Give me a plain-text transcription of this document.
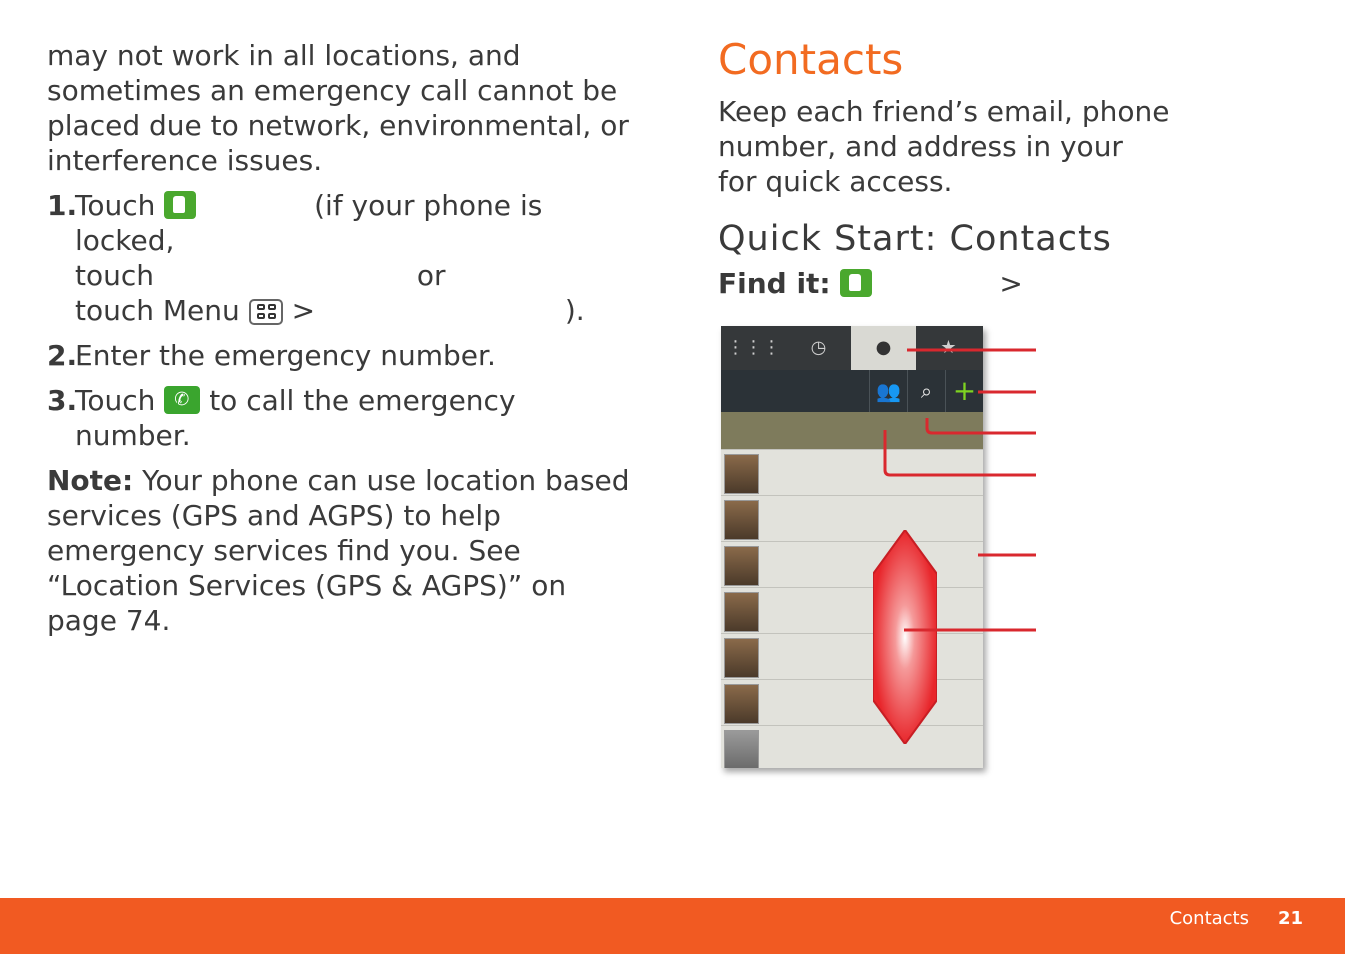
may not work in all locations, and sometimes an emergency call cannot be placed due to network, environmental, or interference issues.

1.
Touch	(if your phone is locked,
touch	or
touch Menu >	).
2.
Enter the emergency number.
3.
Touch ✆ to call the emergency number.

Note: Your phone can use location based services (GPS and AGPS) to help emergency services find you. See “Location Services (GPS & AGPS)” on page 74.

Contacts

Keep each friend’s email, phone number, and address in your  for quick access.

Quick Start: Contacts
Find it:	>
⋮⋮⋮	◷	●	★
👥 ⌕ +
Contacts 21
